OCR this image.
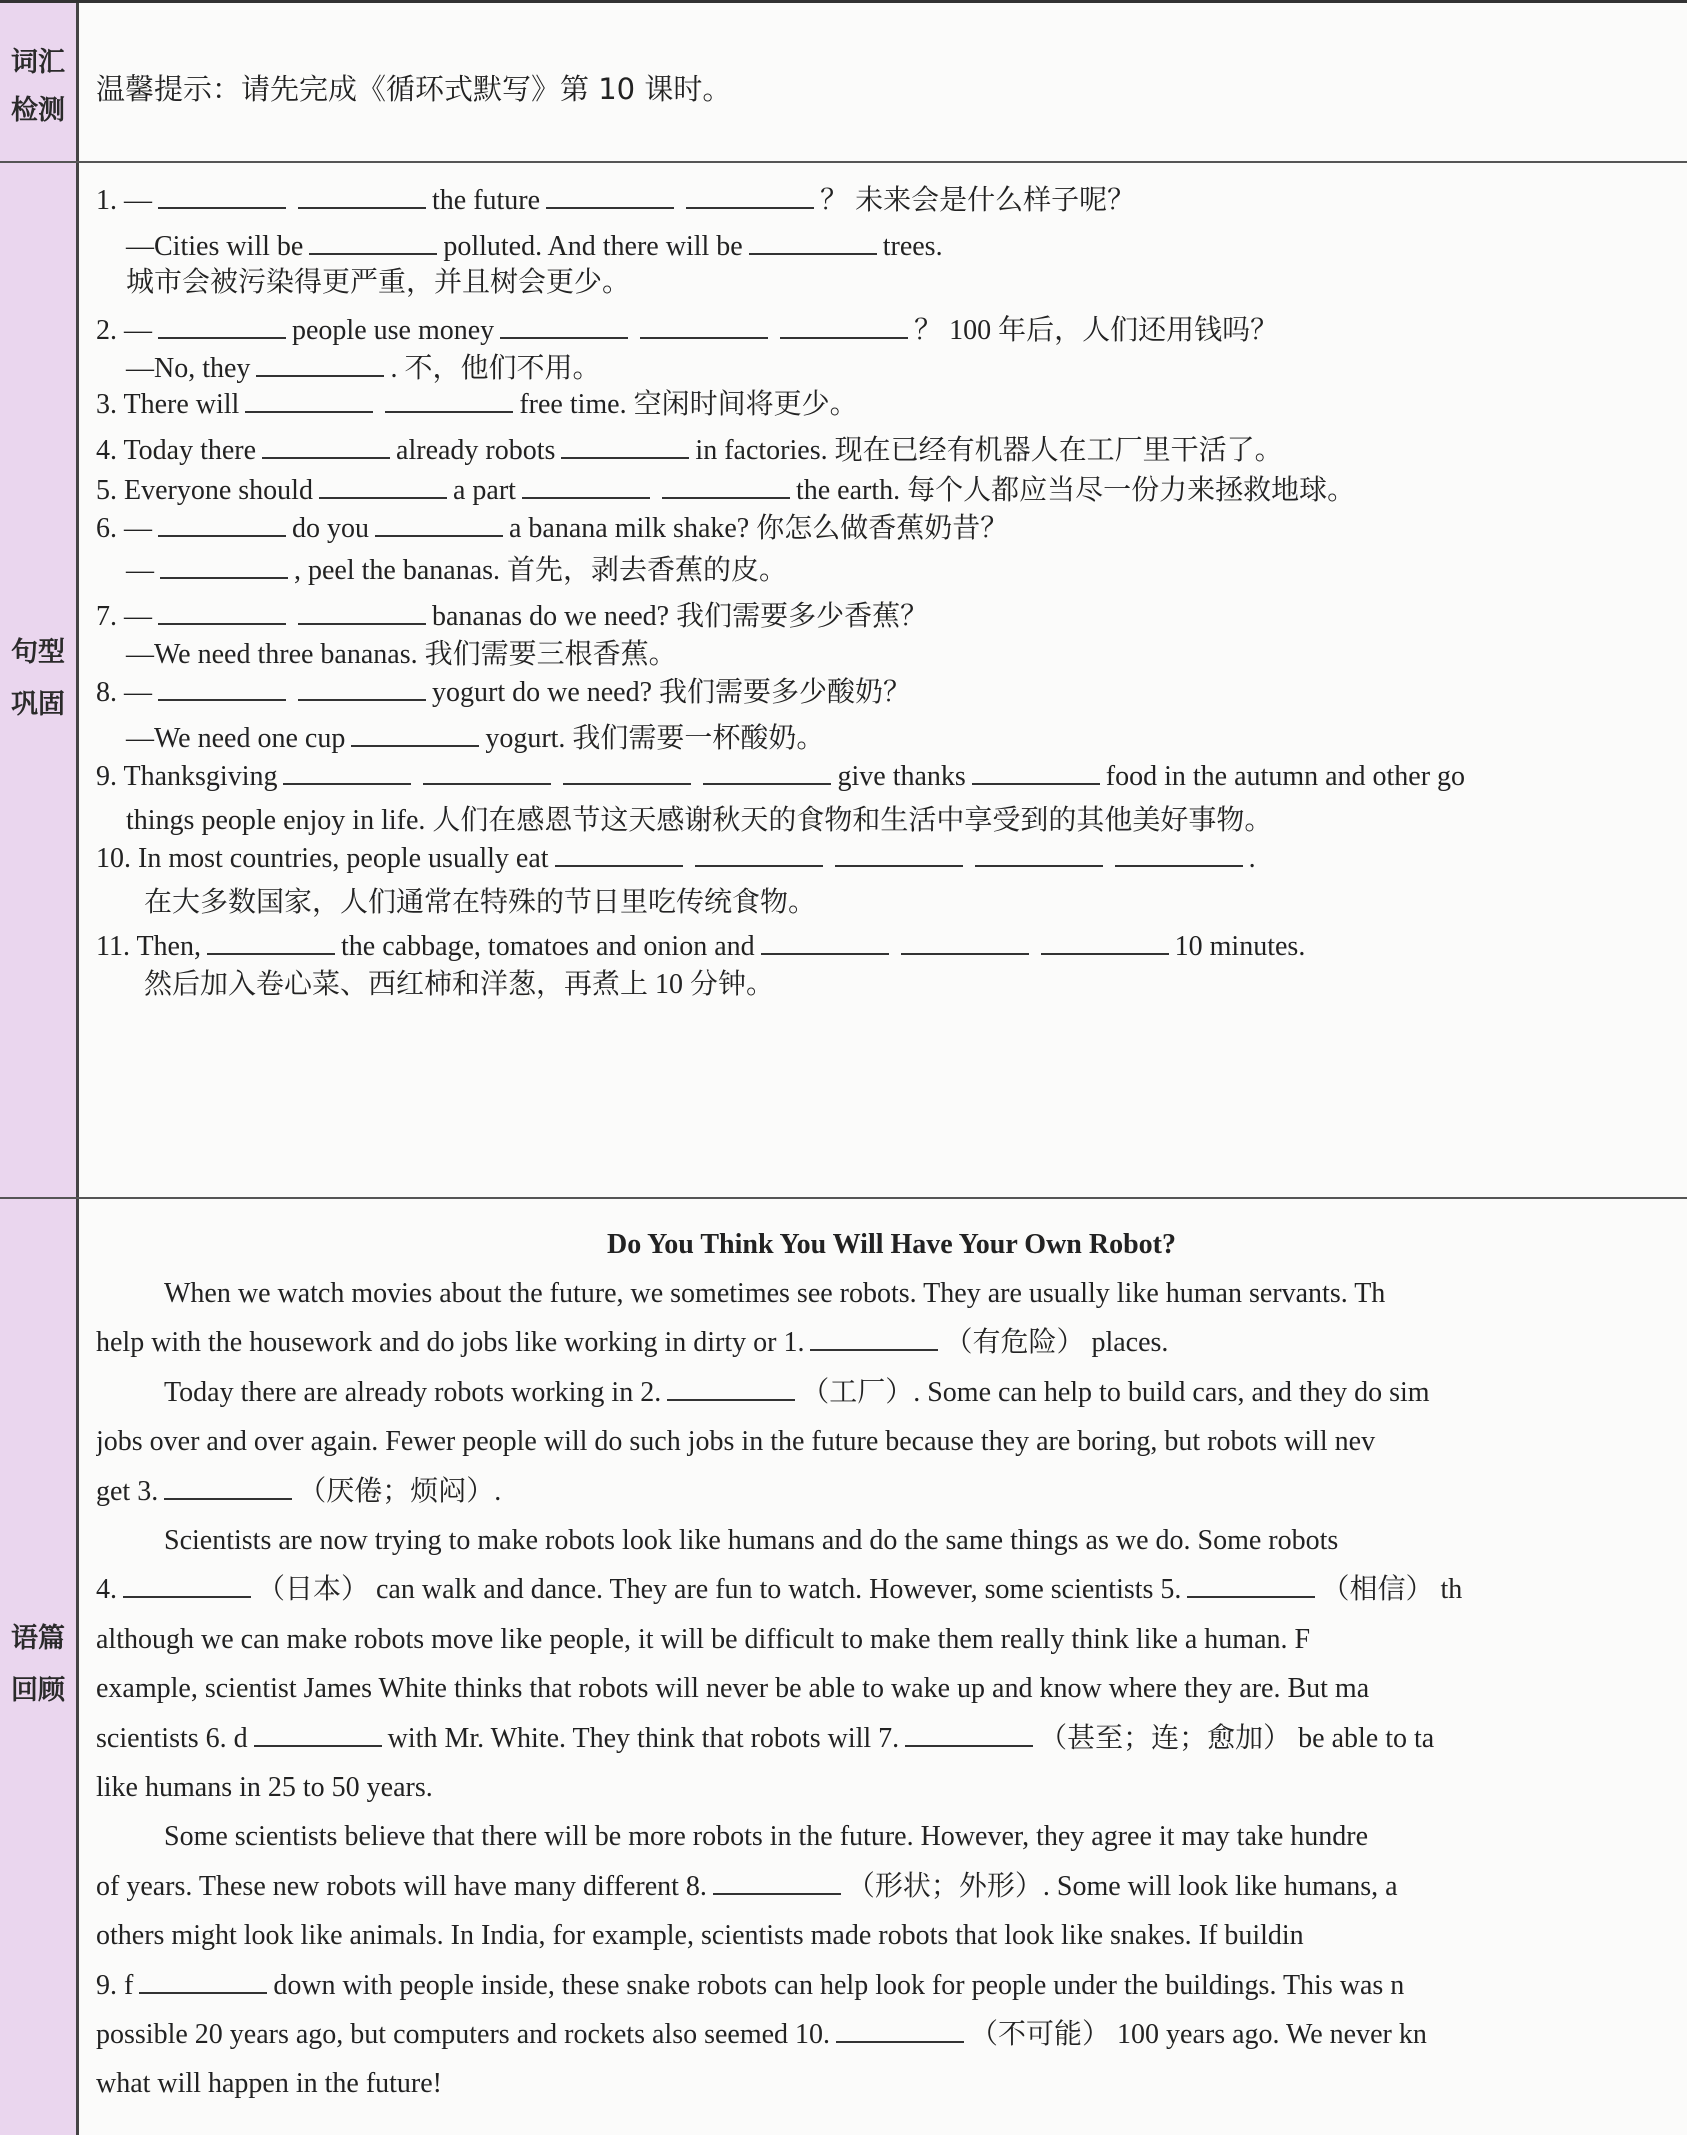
词汇
检测
温馨提示：请先完成《循环式默写》第 10 课时。
句型
巩固
1. —	the future	？ 未来会是什么样子呢？
—Cities will be	polluted. And there will be	trees.
城市会被污染得更严重，并且树会更少。
2. —	people use money	？ 100 年后，人们还用钱吗？
—No, they	. 不，他们不用。
3. There will	free time. 空闲时间将更少。
4. Today there	already robots	in factories. 现在已经有机器人在工厂里干活了。
5. Everyone should	a part	the earth. 每个人都应当尽一份力来拯救地球。
6. —	do you	a banana milk shake? 你怎么做香蕉奶昔？
—	, peel the bananas. 首先，剥去香蕉的皮。
7. —	bananas do we need? 我们需要多少香蕉？
—We need three bananas. 我们需要三根香蕉。
8. —	yogurt do we need? 我们需要多少酸奶？
—We need one cup	yogurt. 我们需要一杯酸奶。
9. Thanksgiving	give thanks	food in the autumn and other go
things people enjoy in life. 人们在感恩节这天感谢秋天的食物和生活中享受到的其他美好事物。
10. In most countries, people usually eat	.
在大多数国家，人们通常在特殊的节日里吃传统食物。
11. Then,	the cabbage, tomatoes and onion and	10 minutes.
然后加入卷心菜、西红柿和洋葱，再煮上 10 分钟。
语篇
回顾
Do You Think You Will Have Your Own Robot?
When we watch movies about the future, we sometimes see robots. They are usually like human servants. Th
help with the housework and do jobs like working in dirty or 1.	（有危险） places.
Today there are already robots working in 2.	（工厂）. Some can help to build cars, and they do sim
jobs over and over again. Fewer people will do such jobs in the future because they are boring, but robots will nev
get 3.	（厌倦；烦闷）.
Scientists are now trying to make robots look like humans and do the same things as we do. Some robots
4.	（日本） can walk and dance. They are fun to watch. However, some scientists 5.	（相信） th
although we can make robots move like people, it will be difficult to make them really think like a human. F
example, scientist James White thinks that robots will never be able to wake up and know where they are. But ma
scientists 6. d	with Mr. White. They think that robots will 7.	（甚至；连；愈加） be able to ta
like humans in 25 to 50 years.
Some scientists believe that there will be more robots in the future. However, they agree it may take hundre
of years. These new robots will have many different 8.	（形状；外形）. Some will look like humans, a
others might look like animals. In India, for example, scientists made robots that look like snakes. If buildin
9. f	down with people inside, these snake robots can help look for people under the buildings. This was n
possible 20 years ago, but computers and rockets also seemed 10.	（不可能） 100 years ago. We never kn
what will happen in the future!
